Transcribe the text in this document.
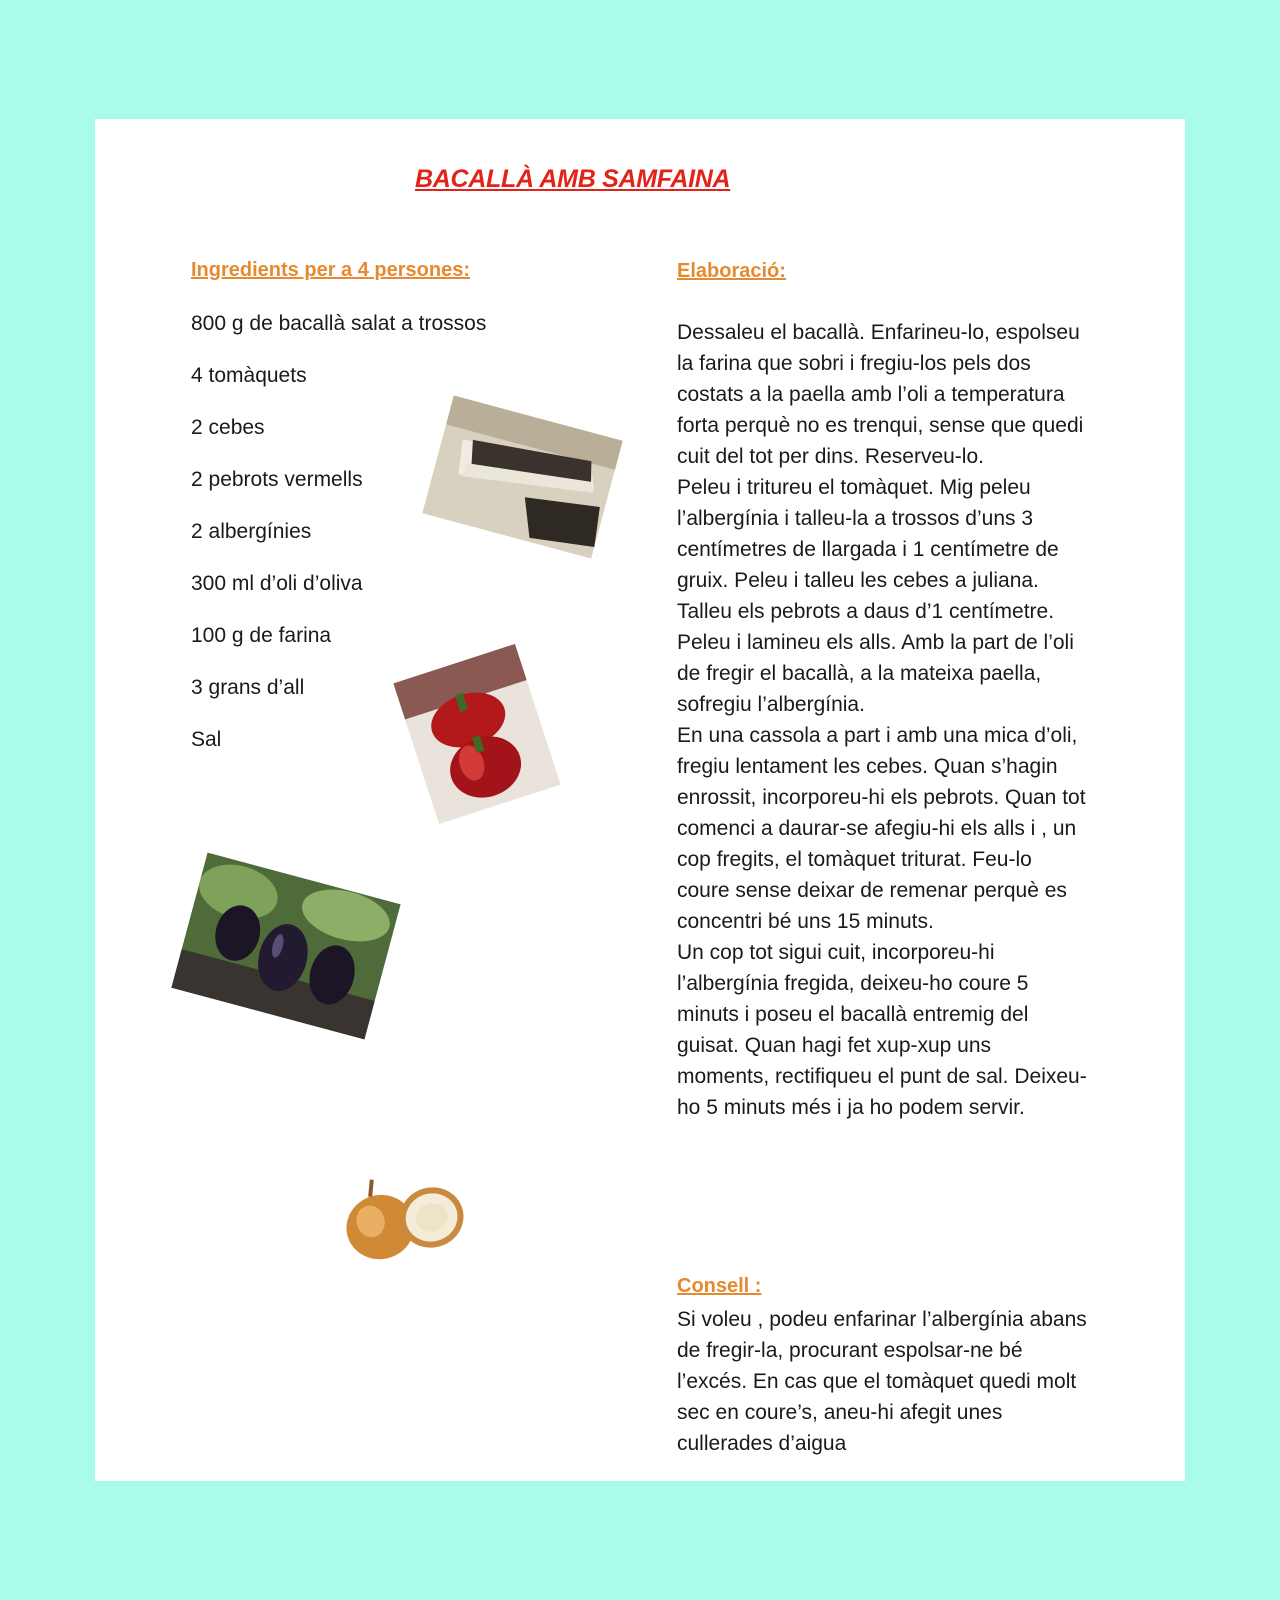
BACALLÀ AMB SAMFAINA
Ingredients per a 4 persones:
800 g de bacallà salat a trossos
4 tomàquets
2 cebes
2 pebrots vermells
2 albergínies
300 ml d’oli d’oliva
100 g de farina
3 grans d’all
Sal
Elaboració:

Dessaleu el bacallà. Enfarineu-lo, espolseu la farina que sobri i fregiu-los pels dos costats a la paella amb l’oli a temperatura forta perquè no es trenqui, sense que quedi cuit del tot per dins. Reserveu-lo.

Peleu i tritureu el tomàquet. Mig peleu l’albergínia i talleu-la a trossos d’uns 3 centímetres de llargada i 1 centímetre de gruix. Peleu i talleu les cebes a juliana. Talleu els pebrots a daus d’1 centímetre. Peleu i lamineu els alls. Amb la part de l’oli de fregir el bacallà, a la mateixa paella, sofregiu l’albergínia.

En una cassola a part i amb una mica d’oli, fregiu lentament les cebes. Quan s’hagin enrossit, incorporeu-hi els pebrots. Quan tot comenci a daurar-se afegiu-hi els alls i , un cop fregits, el tomàquet triturat. Feu-lo coure sense deixar de remenar perquè es concentri bé uns 15 minuts.

Un cop tot sigui cuit, incorporeu-hi l’albergínia fregida, deixeu-ho coure 5 minuts i poseu el bacallà entremig del guisat. Quan hagi fet xup-xup uns moments, rectifiqueu el punt de sal. Deixeu-ho 5 minuts més i ja ho podem servir.

Consell :

Si voleu , podeu enfarinar l’albergínia abans de fregir-la, procurant espolsar-ne bé l’excés. En cas que el tomàquet quedi molt sec en coure’s, aneu-hi afegit unes cullerades d’aigua
